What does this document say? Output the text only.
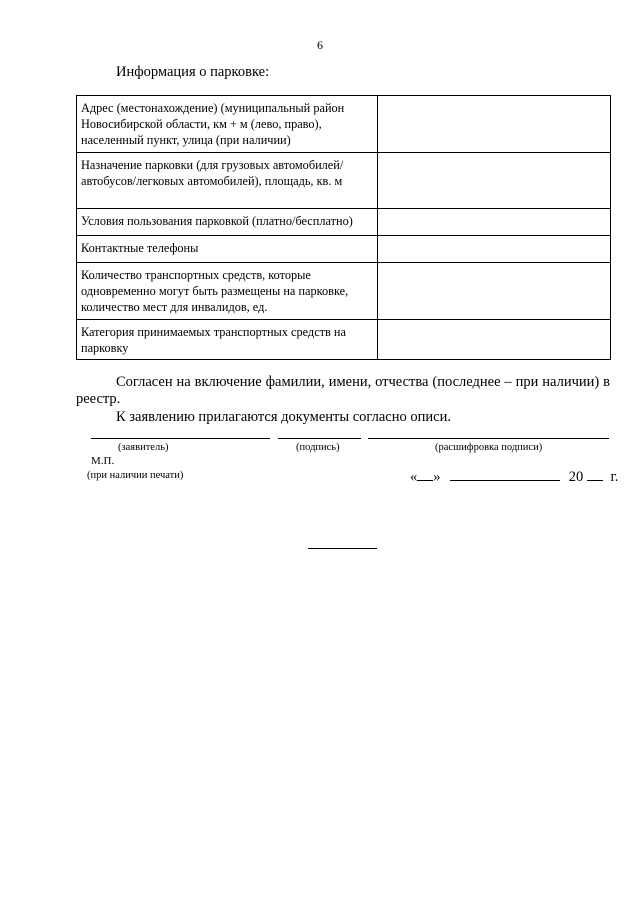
6
Информация о парковке:
Адрес (местонахождение) (муниципальный район Новосибирской области, км + м (лево, право), населенный пункт, улица (при наличии)	
Назначение парковки (для грузовых автомобилей/автобусов/легковых автомобилей), площадь, кв. м	
Условия пользования парковкой (платно/бесплатно)	
Контактные телефоны	
Количество транспортных средств, которые одновременно могут быть размещены на парковке, количество мест для инвалидов, ед.	
Категория принимаемых транспортных средств на парковку	
Согласен на включение фамилии, имени, отчества (последнее – при наличии) в реестр.
К заявлению прилагаются документы согласно описи.
(заявитель)	(подпись)	(расшифровка подписи)
М.П.
(при наличии печати)	« »	20 г.
